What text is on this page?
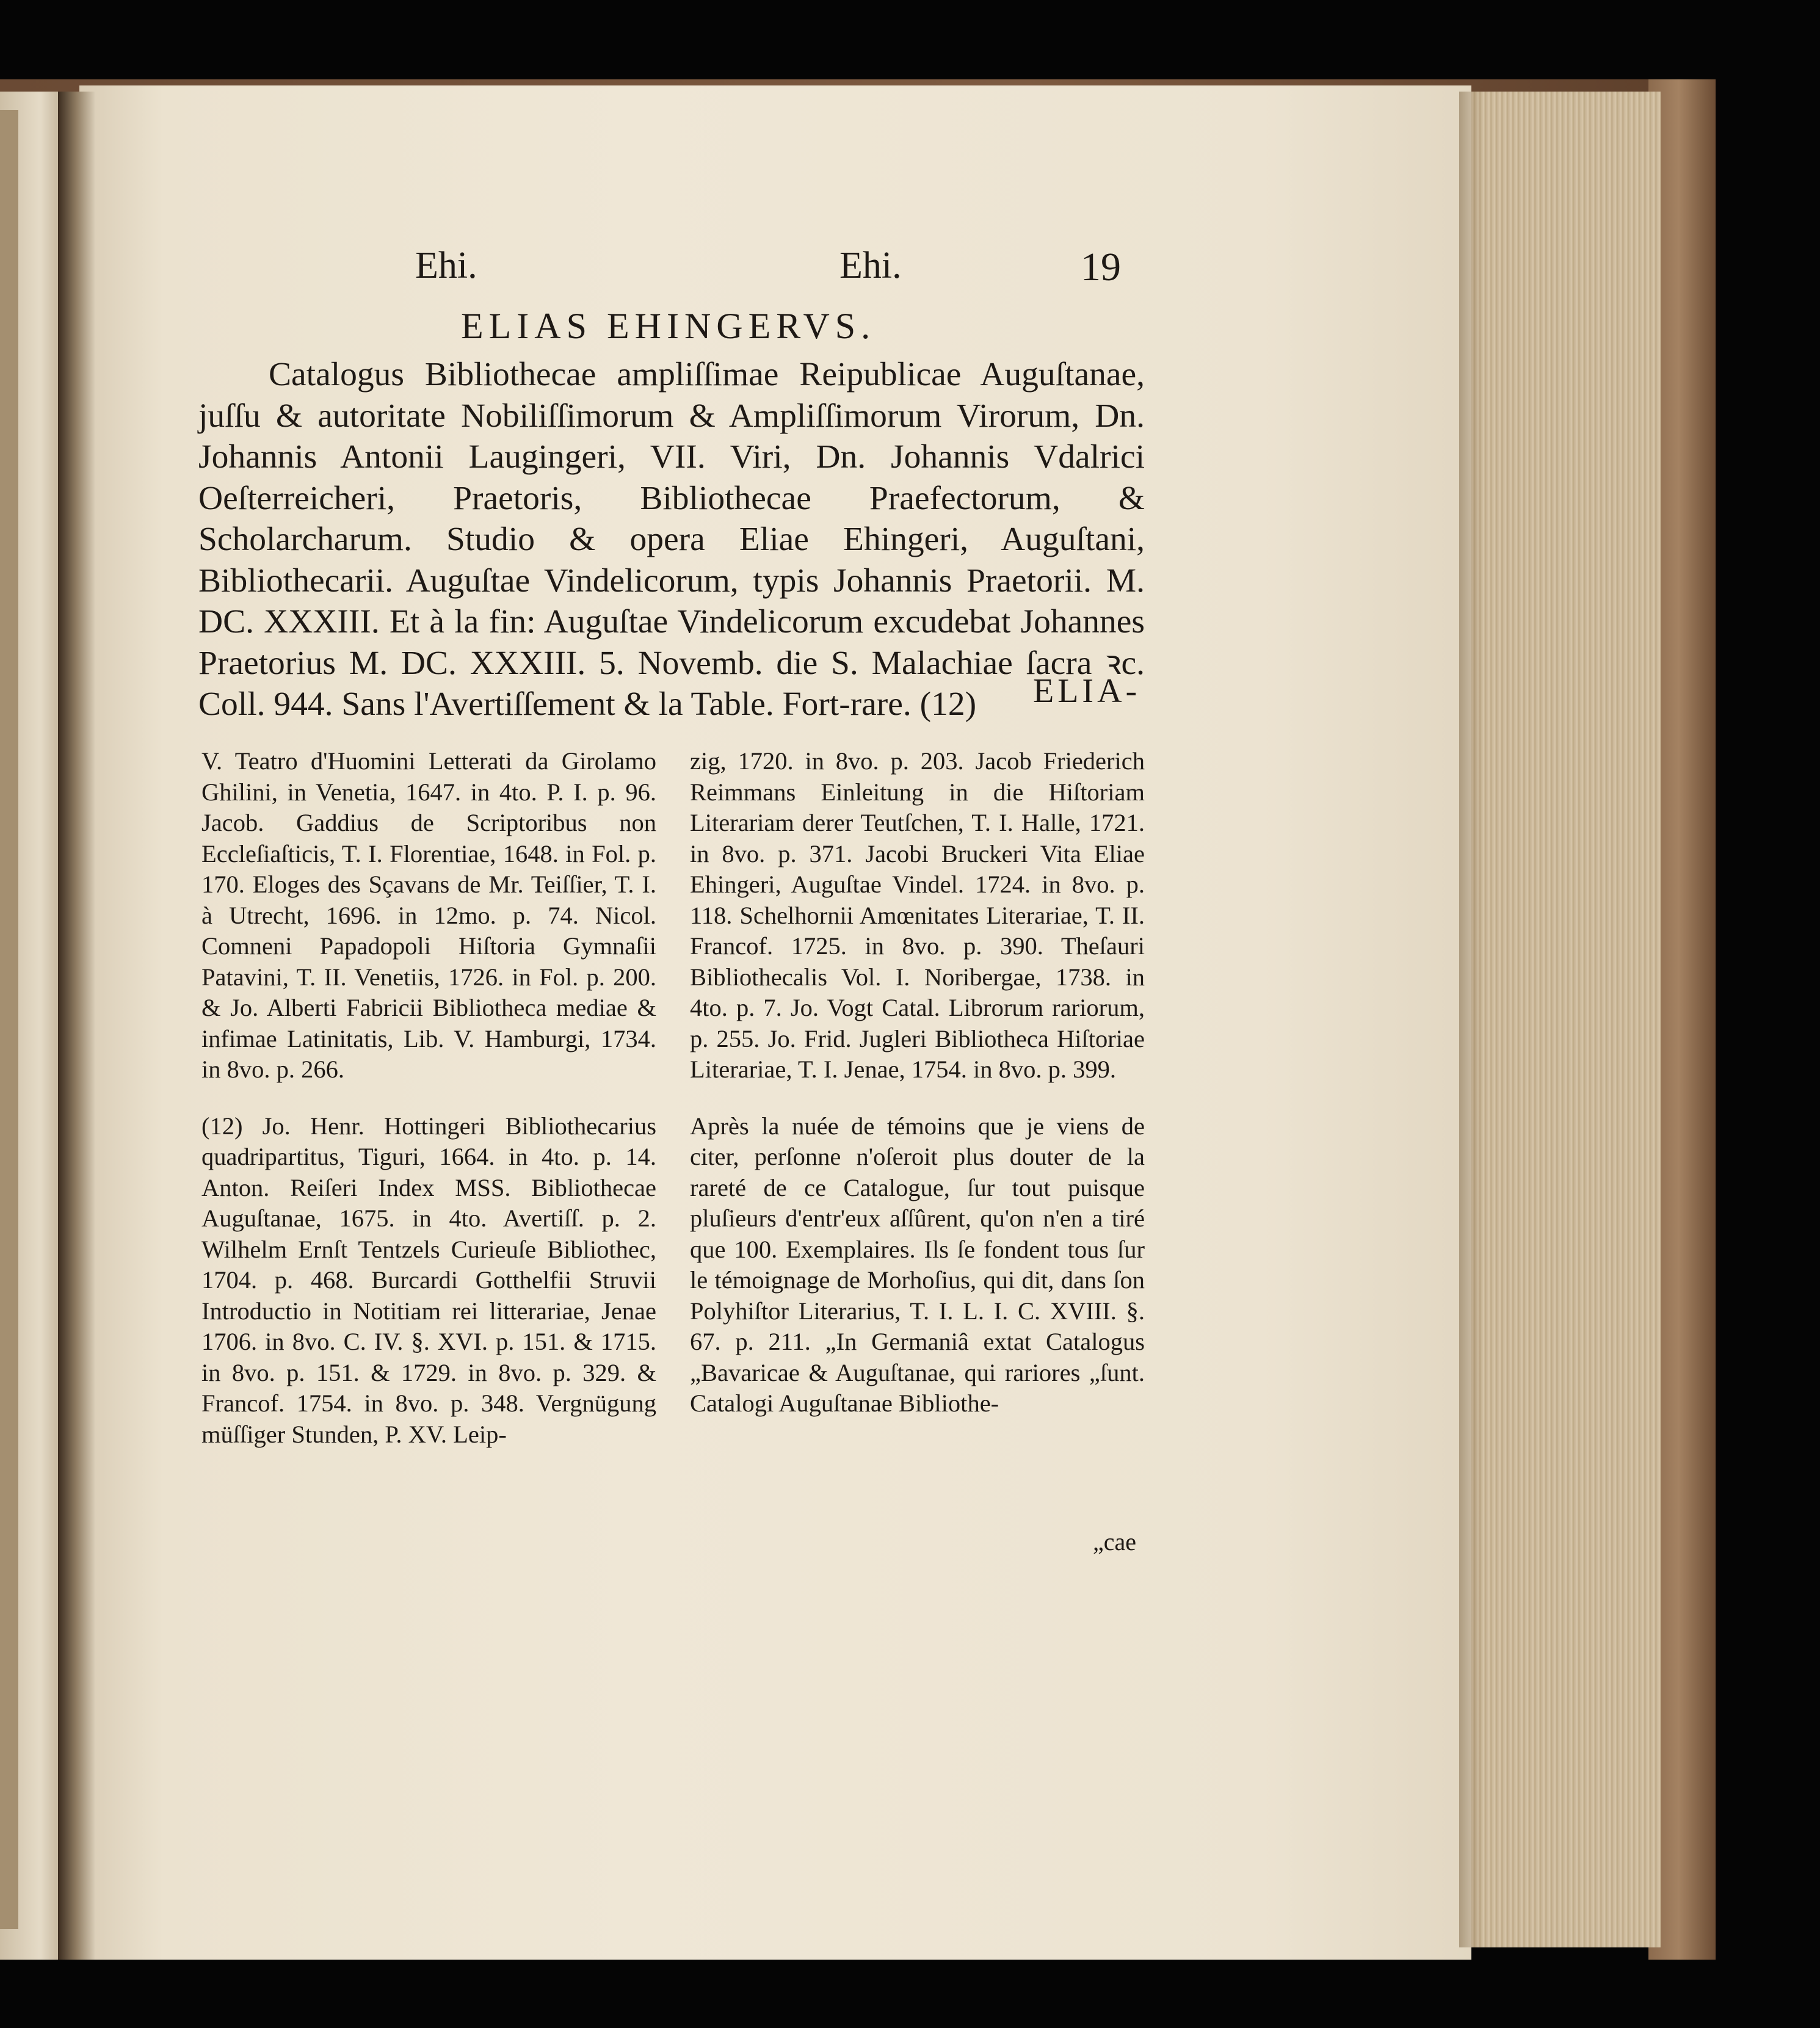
Ehi.	Ehi.	19
ELIAS EHINGERVS.

Catalogus Bibliothecae ampliſſimae Reipublicae Auguſtanae, juſſu & autoritate Nobiliſſimorum & Ampliſſimorum Virorum, Dn. Johannis Antonii Laugingeri, VII. Viri, Dn. Johannis Vdalrici Oeſterreicheri, Praetoris, Bibliothecae Praefectorum, & Scholarcharum. Studio & opera Eliae Ehingeri, Auguſtani, Bibliothecarii. Auguſtae Vindelicorum, typis Johannis Praetorii. M. DC. XXXIII. Et à la fin: Auguſtae Vindelicorum excudebat Johannes Praetorius M. DC. XXXIII. 5. Novemb. die S. Malachiae ſacra ꝛc. Coll. 944. Sans l'Avertiſſement & la Table. Fort-rare. (12)	ELIA-

V. Teatro d'Huomini Letterati da Girolamo Ghilini, in Venetia, 1647. in 4to. P. I. p. 96. Jacob. Gaddius de Scriptoribus non Eccleſiaſticis, T. I. Florentiae, 1648. in Fol. p. 170. Eloges des Sçavans de Mr. Teiſſier, T. I. à Utrecht, 1696. in 12mo. p. 74. Nicol. Comneni Papadopoli Hiſtoria Gymnaſii Patavini, T. II. Venetiis, 1726. in Fol. p. 200. & Jo. Alberti Fabricii Bibliotheca mediae & infimae Latinitatis, Lib. V. Hamburgi, 1734. in 8vo. p. 266.

(12) Jo. Henr. Hottingeri Bibliothecarius quadripartitus, Tiguri, 1664. in 4to. p. 14. Anton. Reiſeri Index MSS. Bibliothecae Auguſtanae, 1675. in 4to. Avertiſſ. p. 2. Wilhelm Ernſt Tentzels Curieuſe Bibliothec, 1704. p. 468. Burcardi Gotthelfii Struvii Introductio in Notitiam rei litterariae, Jenae 1706. in 8vo. C. IV. §. XVI. p. 151. & 1715. in 8vo. p. 151. & 1729. in 8vo. p. 329. & Francof. 1754. in 8vo. p. 348. Vergnügung müſſiger Stunden, P. XV. Leip-

zig, 1720. in 8vo. p. 203. Jacob Friederich Reimmans Einleitung in die Hiſtoriam Literariam derer Teutſchen, T. I. Halle, 1721. in 8vo. p. 371. Jacobi Bruckeri Vita Eliae Ehingeri, Auguſtae Vindel. 1724. in 8vo. p. 118. Schelhornii Amœnitates Literariae, T. II. Francof. 1725. in 8vo. p. 390. Theſauri Bibliothecalis Vol. I. Noribergae, 1738. in 4to. p. 7. Jo. Vogt Catal. Librorum rariorum, p. 255. Jo. Frid. Jugleri Bibliotheca Hiſtoriae Literariae, T. I. Jenae, 1754. in 8vo. p. 399.

Après la nuée de témoins que je viens de citer, perſonne n'oſeroit plus douter de la rareté de ce Catalogue, ſur tout puisque pluſieurs d'entr'eux aſſûrent, qu'on n'en a tiré que 100. Exemplaires. Ils ſe fondent tous ſur le témoignage de Morhoſius, qui dit, dans ſon Polyhiſtor Literarius, T. I. L. I. C. XVIII. §. 67. p. 211. „In Germaniâ extat Catalogus „Bavaricae & Auguſtanae, qui rariores „ſunt. Catalogi Auguſtanae Bibliothe-

„cae
